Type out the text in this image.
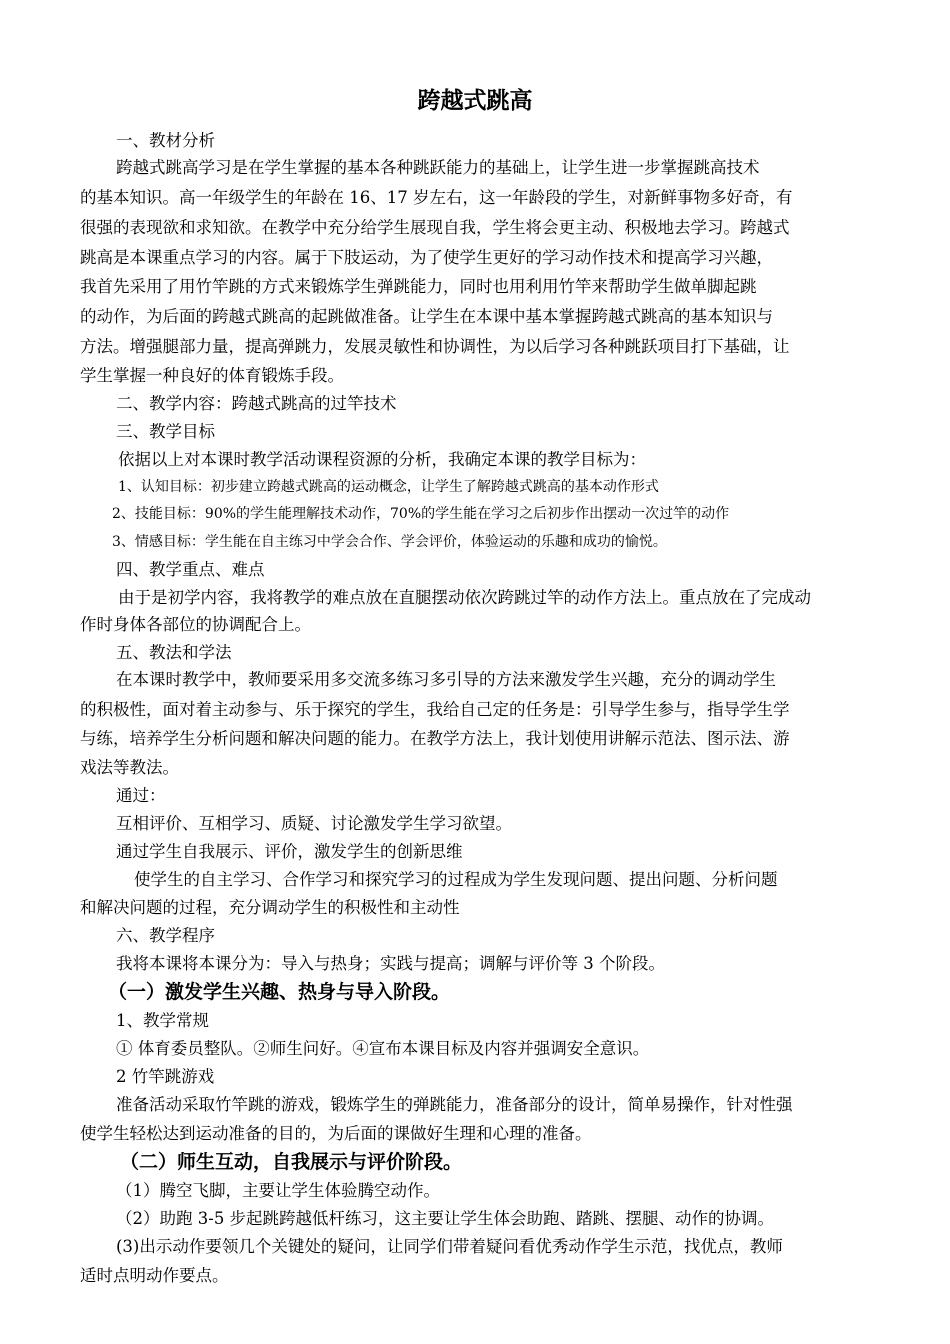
跨越式跳高
一、教材分析
跨越式跳高学习是在学生掌握的基本各种跳跃能力的基础上，让学生进一步掌握跳高技术
的基本知识。高一年级学生的年龄在 16、17 岁左右，这一年龄段的学生，对新鲜事物多好奇，有
很强的表现欲和求知欲。在教学中充分给学生展现自我，学生将会更主动、积极地去学习。跨越式
跳高是本课重点学习的内容。属于下肢运动，为了使学生更好的学习动作技术和提高学习兴趣，
我首先采用了用竹竿跳的方式来锻炼学生弹跳能力，同时也用利用竹竿来帮助学生做单脚起跳
的动作，为后面的跨越式跳高的起跳做准备。让学生在本课中基本掌握跨越式跳高的基本知识与
方法。增强腿部力量，提高弹跳力，发展灵敏性和协调性，为以后学习各种跳跃项目打下基础，让
学生掌握一种良好的体育锻炼手段。
二、教学内容：跨越式跳高的过竿技术
三、教学目标
依据以上对本课时教学活动课程资源的分析，我确定本课的教学目标为：
1、认知目标：初步建立跨越式跳高的运动概念，让学生了解跨越式跳高的基本动作形式
2、技能目标：90%的学生能理解技术动作，70%的学生能在学习之后初步作出摆动一次过竿的动作
3、情感目标：学生能在自主练习中学会合作、学会评价，体验运动的乐趣和成功的愉悦。
四、教学重点、难点
由于是初学内容，我将教学的难点放在直腿摆动依次跨跳过竿的动作方法上。重点放在了完成动
作时身体各部位的协调配合上。
五、教法和学法
在本课时教学中，教师要采用多交流多练习多引导的方法来激发学生兴趣，充分的调动学生
的积极性，面对着主动参与、乐于探究的学生，我给自己定的任务是：引导学生参与，指导学生学
与练，培养学生分析问题和解决问题的能力。在教学方法上，我计划使用讲解示范法、图示法、游
戏法等教法。
通过：
互相评价、互相学习、质疑、讨论激发学生学习欲望。
通过学生自我展示、评价，激发学生的创新思维
使学生的自主学习、合作学习和探究学习的过程成为学生发现问题、提出问题、分析问题
和解决问题的过程，充分调动学生的积极性和主动性
六、教学程序
我将本课将本课分为：导入与热身；实践与提高；调解与评价等 3 个阶段。
（一）激发学生兴趣、热身与导入阶段。
1、教学常规
① 体育委员整队。②师生问好。④宣布本课目标及内容并强调安全意识。
2 竹竿跳游戏
准备活动采取竹竿跳的游戏，锻炼学生的弹跳能力，准备部分的设计，简单易操作，针对性强
使学生轻松达到运动准备的目的，为后面的课做好生理和心理的准备。
（二）师生互动，自我展示与评价阶段。
（1）腾空飞脚，主要让学生体验腾空动作。
（2）助跑 3-5 步起跳跨越低杆练习，这主要让学生体会助跑、踏跳、摆腿、动作的协调。
(3)出示动作要领几个关键处的疑问，让同学们带着疑问看优秀动作学生示范，找优点，教师
适时点明动作要点。
